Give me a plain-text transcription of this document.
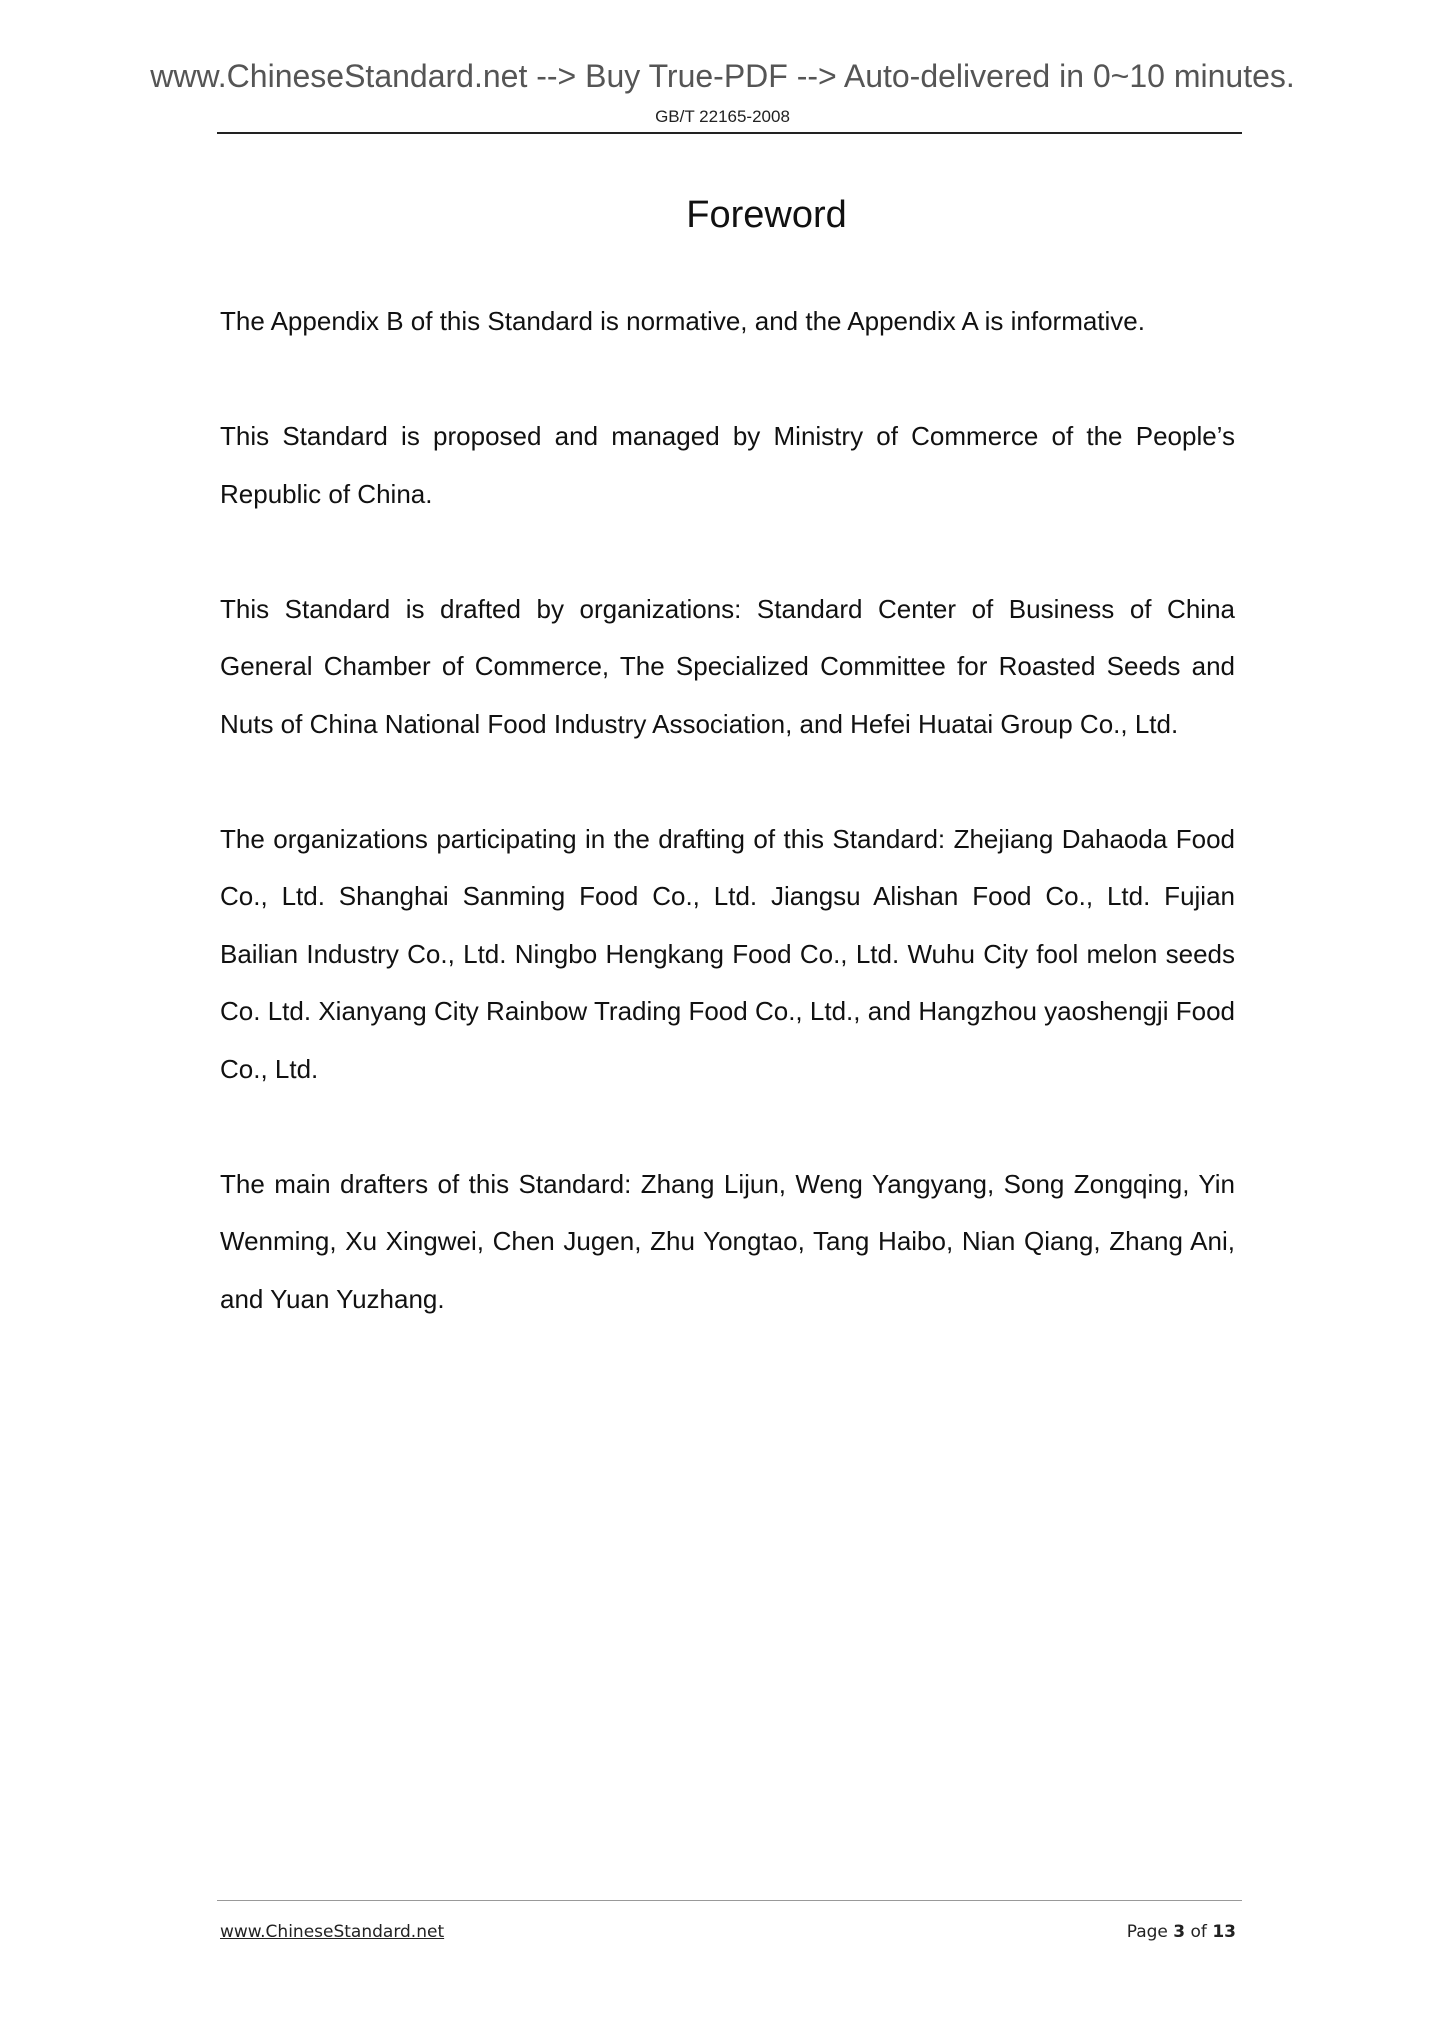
www.ChineseStandard.net --> Buy True-PDF --> Auto-delivered in 0~10 minutes.
GB/T 22165-2008
Foreword

The Appendix B of this Standard is normative, and the Appendix A is informative.

This Standard is proposed and managed by Ministry of Commerce of the People’s Republic of China.

This Standard is drafted by organizations: Standard Center of Business of China General Chamber of Commerce, The Specialized Committee for Roasted Seeds and Nuts of China National Food Industry Association, and Hefei Huatai Group Co., Ltd.

The organizations participating in the drafting of this Standard: Zhejiang Dahaoda Food Co., Ltd. Shanghai Sanming Food Co., Ltd. Jiangsu Alishan Food Co., Ltd. Fujian Bailian Industry Co., Ltd. Ningbo Hengkang Food Co., Ltd. Wuhu City fool melon seeds Co. Ltd. Xianyang City Rainbow Trading Food Co., Ltd., and Hangzhou yaoshengji Food Co., Ltd.

The main drafters of this Standard: Zhang Lijun, Weng Yangyang, Song Zongqing, Yin Wenming, Xu Xingwei, Chen Jugen, Zhu Yongtao, Tang Haibo, Nian Qiang, Zhang Ani, and Yuan Yuzhang.

www.ChineseStandard.net	Page 3 of 13
